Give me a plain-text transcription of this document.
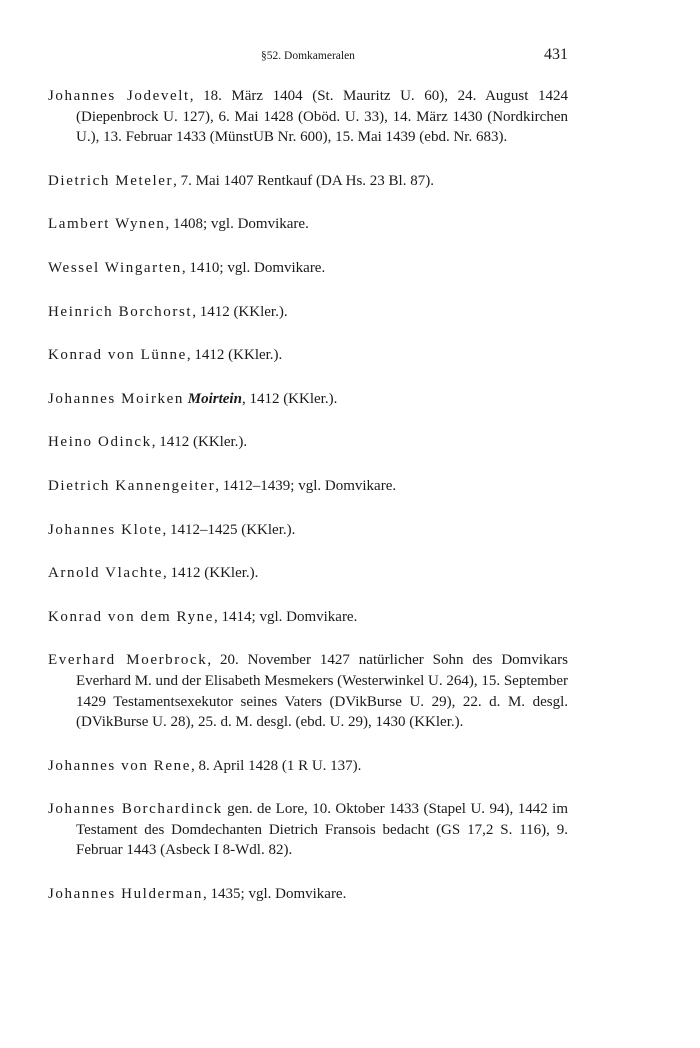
§52. Domkameralen	431

Johannes Jodevelt, 18. März 1404 (St. Mauritz U. 60), 24. August 1424 (Diepenbrock U. 127), 6. Mai 1428 (Oböd. U. 33), 14. März 1430 (Nordkirchen U.), 13. Februar 1433 (MünstUB Nr. 600), 15. Mai 1439 (ebd. Nr. 683).

Dietrich Meteler, 7. Mai 1407 Rentkauf (DA Hs. 23 Bl. 87).

Lambert Wynen, 1408; vgl. Domvikare.

Wessel Wingarten, 1410; vgl. Domvikare.

Heinrich Borchorst, 1412 (KKler.).

Konrad von Lünne, 1412 (KKler.).

Johannes Moirken Moirtein, 1412 (KKler.).

Heino Odinck, 1412 (KKler.).

Dietrich Kannengeiter, 1412–1439; vgl. Domvikare.

Johannes Klote, 1412–1425 (KKler.).

Arnold Vlachte, 1412 (KKler.).

Konrad von dem Ryne, 1414; vgl. Domvikare.

Everhard Moerbrock, 20. November 1427 natürlicher Sohn des Domvikars Everhard M. und der Elisabeth Mesmekers (Westerwinkel U. 264), 15. September 1429 Testamentsexekutor seines Vaters (DVikBurse U. 29), 22. d. M. desgl. (DVikBurse U. 28), 25. d. M. desgl. (ebd. U. 29), 1430 (KKler.).

Johannes von Rene, 8. April 1428 (1 R U. 137).

Johannes Borchardinck gen. de Lore, 10. Oktober 1433 (Stapel U. 94), 1442 im Testament des Domdechanten Dietrich Fransois bedacht (GS 17,2 S. 116), 9. Februar 1443 (Asbeck I 8-Wdl. 82).

Johannes Hulderman, 1435; vgl. Domvikare.
